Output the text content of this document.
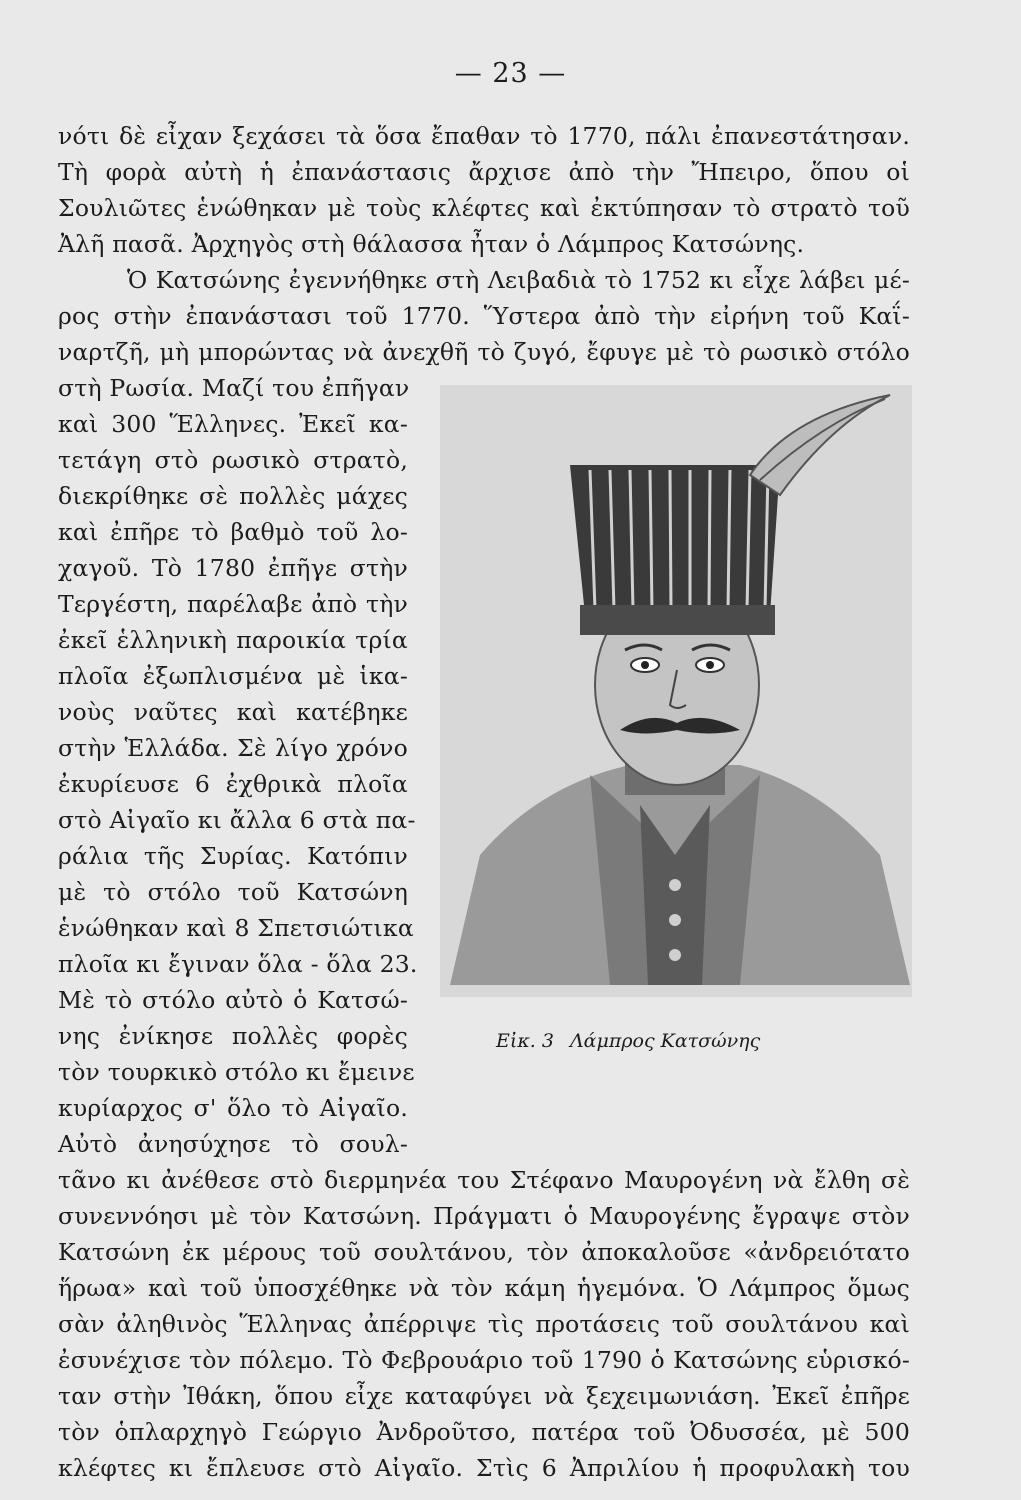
— 23 —
νότι δὲ εἶχαν ξεχάσει τὰ ὅσα ἔπαθαν τὸ 1770, πάλι ἐπανεστάτησαν.
Τὴ φορὰ αὐτὴ ἡ ἐπανάστασις ἄρχισε ἀπὸ τὴν Ἤπειρο, ὅπου οἱ
Σουλιῶτες ἑνώθηκαν μὲ τοὺς κλέφτες καὶ ἐκτύπησαν τὸ στρατὸ τοῦ
Ἀλῆ πασᾶ. Ἀρχηγὸς στὴ θάλασσα ἦταν ὁ Λάμπρος Κατσώνης.
Ὁ Κατσώνης ἐγεννήθηκε στὴ Λειβαδιὰ τὸ 1752 κι εἶχε λάβει μέ-
ρος στὴν ἐπανάστασι τοῦ 1770. Ὕστερα ἀπὸ τὴν εἰρήνη τοῦ Καΐ-
ναρτζῆ, μὴ μπορώντας νὰ ἀνεχθῆ τὸ ζυγό, ἔφυγε μὲ τὸ ρωσικὸ στόλο
στὴ Ρωσία. Μαζί του ἐπῆγαν
καὶ 300 Ἕλληνες. Ἐκεῖ κα-
τετάγη στὸ ρωσικὸ στρατὸ,
διεκρίθηκε σὲ πολλὲς μάχες
καὶ ἐπῆρε τὸ βαθμὸ τοῦ λο-
χαγοῦ. Τὸ 1780 ἐπῆγε στὴν
Τεργέστη, παρέλαβε ἀπὸ τὴν
ἐκεῖ ἑλληνικὴ παροικία τρία
πλοῖα ἐξωπλισμένα μὲ ἱκα-
νοὺς ναῦτες καὶ κατέβηκε
στὴν Ἑλλάδα. Σὲ λίγο χρόνο
ἐκυρίευσε 6 ἐχθρικὰ πλοῖα
στὸ Αἰγαῖο κι ἄλλα 6 στὰ πα-
ράλια τῆς Συρίας. Κατόπιν
μὲ τὸ στόλο τοῦ Κατσώνη
ἑνώθηκαν καὶ 8 Σπετσιώτικα
πλοῖα κι ἔγιναν ὅλα - ὅλα 23.
Μὲ τὸ στόλο αὐτὸ ὁ Κατσώ-
νης ἐνίκησε πολλὲς φορὲς
τὸν τουρκικὸ στόλο κι ἔμεινε
κυρίαρχος σ' ὅλο τὸ Αἰγαῖο.
Αὐτὸ ἀνησύχησε τὸ σουλ-
Εἰκ. 3 Λάμπρος Κατσώνης
τᾶνο κι ἀνέθεσε στὸ διερμηνέα του Στέφανο Μαυρογένη νὰ ἔλθη σὲ
συνεννόησι μὲ τὸν Κατσώνη. Πράγματι ὁ Μαυρογένης ἔγραψε στὸν
Κατσώνη ἐκ μέρους τοῦ σουλτάνου, τὸν ἀποκαλοῦσε «ἀνδρειότατο
ἥρωα» καὶ τοῦ ὑποσχέθηκε νὰ τὸν κάμη ἡγεμόνα. Ὁ Λάμπρος ὅμως
σὰν ἀληθινὸς Ἕλληνας ἀπέρριψε τὶς προτάσεις τοῦ σουλτάνου καὶ
ἐσυνέχισε τὸν πόλεμο. Τὸ Φεβρουάριο τοῦ 1790 ὁ Κατσώνης εὑρισκό-
ταν στὴν Ἰθάκη, ὅπου εἶχε καταφύγει νὰ ξεχειμωνιάση. Ἐκεῖ ἐπῆρε
τὸν ὁπλαρχηγὸ Γεώργιο Ἀνδροῦτσο, πατέρα τοῦ Ὀδυσσέα, μὲ 500
κλέφτες κι ἔπλευσε στὸ Αἰγαῖο. Στὶς 6 Ἀπριλίου ἡ προφυλακὴ του
